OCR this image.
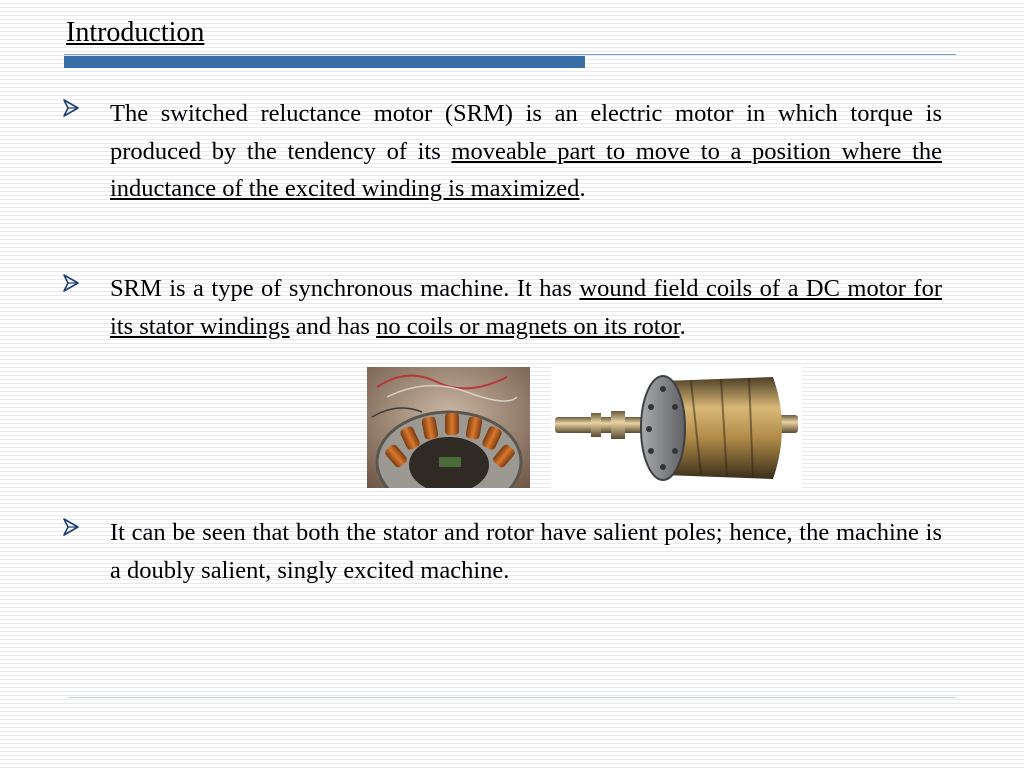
Introduction

The switched reluctance motor (SRM) is an electric motor in which torque is produced by the tendency of its moveable part to move to a position where the inductance of the excited winding is maximized.

SRM is a type of synchronous machine. It has wound field coils of a DC motor for its stator windings and has no coils or magnets on its rotor.

It can be seen that both the stator and rotor have salient poles; hence, the machine is a doubly salient, singly excited machine.
